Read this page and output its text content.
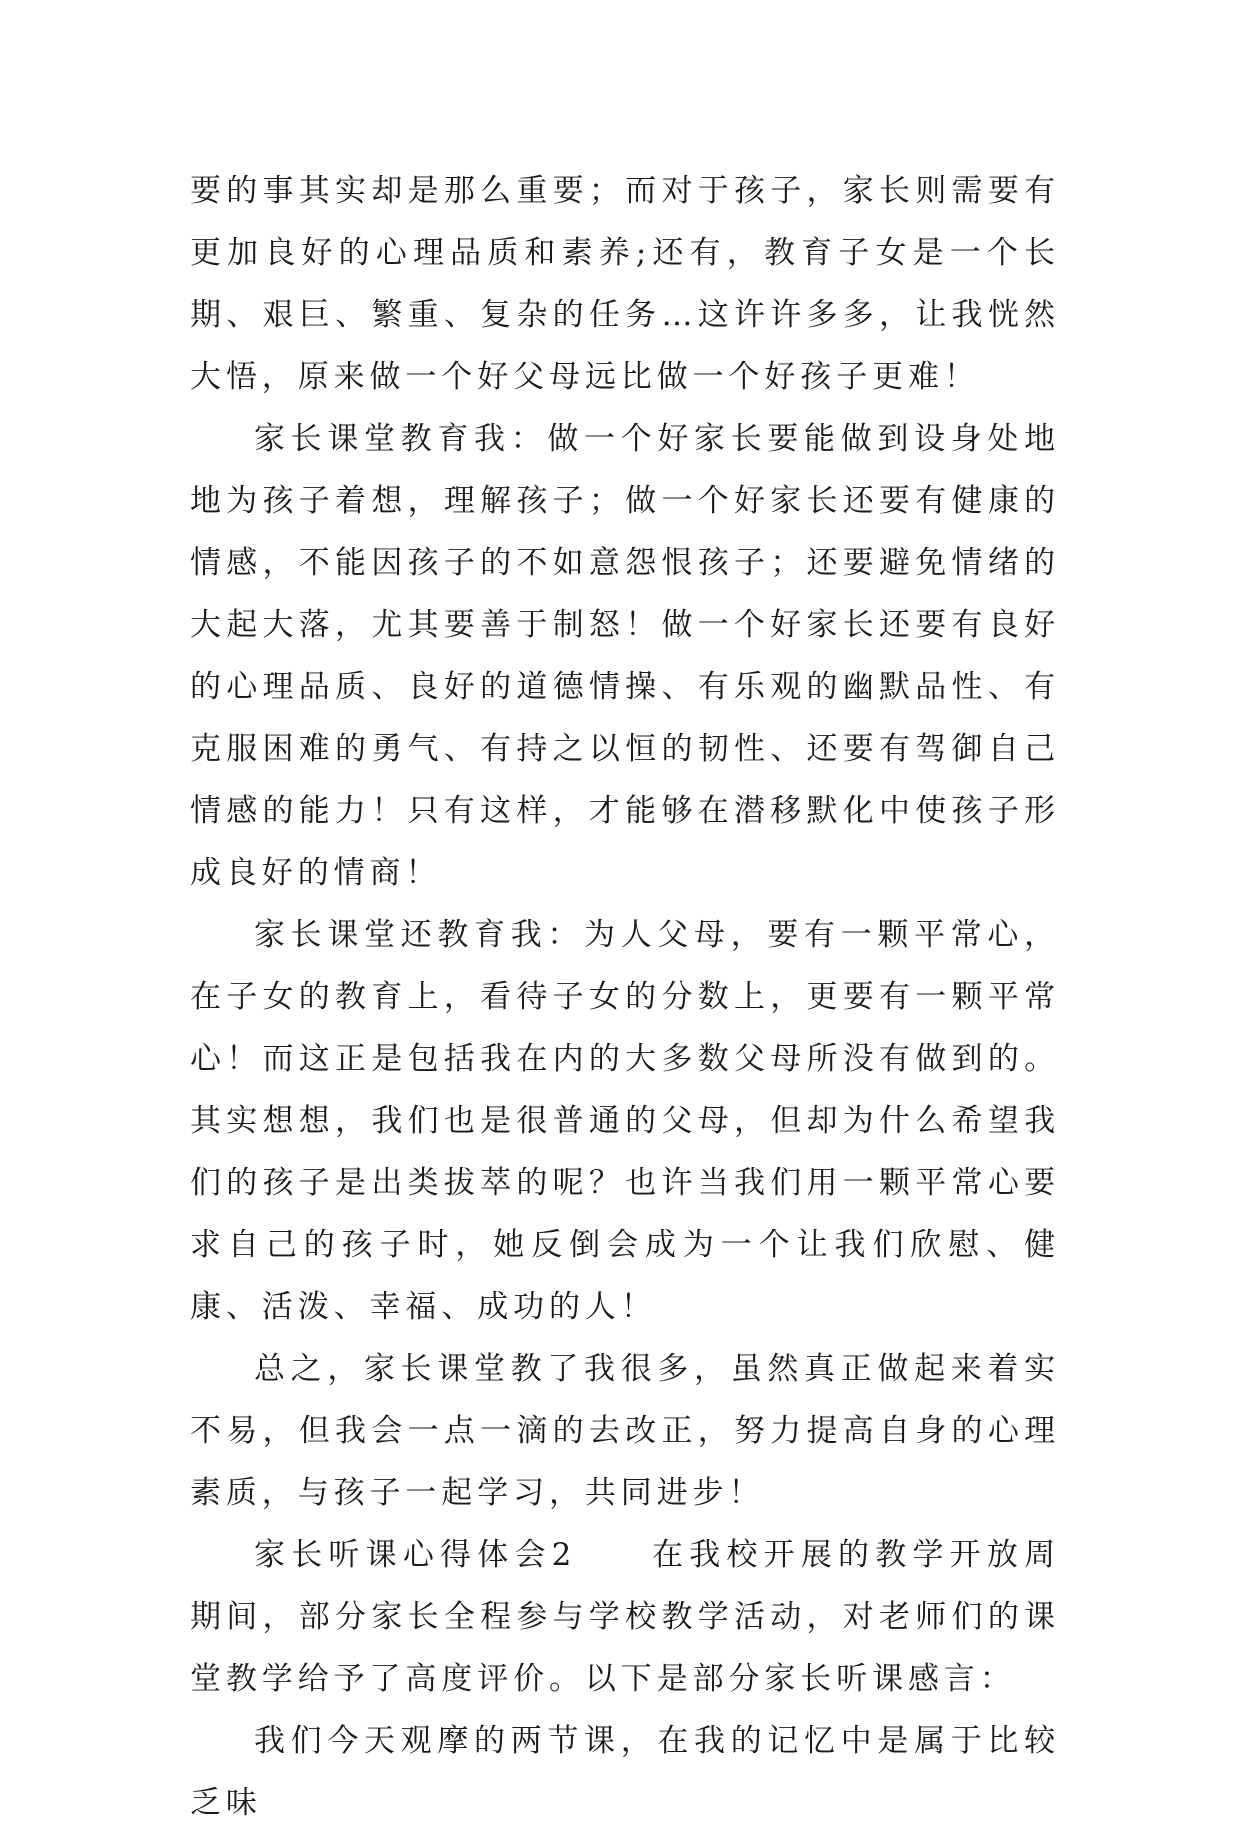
要的事其实却是那么重要；而对于孩子，家长则需要有更加良好的心理品质和素养;还有，教育子女是一个长期、艰巨、繁重、复杂的任务…这许许多多，让我恍然大悟，原来做一个好父母远比做一个好孩子更难！

家长课堂教育我：做一个好家长要能做到设身处地地为孩子着想，理解孩子；做一个好家长还要有健康的情感，不能因孩子的不如意怨恨孩子；还要避免情绪的大起大落，尤其要善于制怒！做一个好家长还要有良好的心理品质、良好的道德情操、有乐观的幽默品性、有克服困难的勇气、有持之以恒的韧性、还要有驾御自己情感的能力！只有这样，才能够在潜移默化中使孩子形成良好的情商！

家长课堂还教育我：为人父母，要有一颗平常心，在子女的教育上，看待子女的分数上，更要有一颗平常心！而这正是包括我在内的大多数父母所没有做到的。其实想想，我们也是很普通的父母，但却为什么希望我们的孩子是出类拔萃的呢？也许当我们用一颗平常心要求自己的孩子时，她反倒会成为一个让我们欣慰、健康、活泼、幸福、成功的人！

总之，家长课堂教了我很多，虽然真正做起来着实不易，但我会一点一滴的去改正，努力提高自身的心理素质，与孩子一起学习，共同进步！

家长听课心得体会2　　在我校开展的教学开放周期间，部分家长全程参与学校教学活动，对老师们的课堂教学给予了高度评价。以下是部分家长听课感言：

我们今天观摩的两节课，在我的记忆中是属于比较乏味
